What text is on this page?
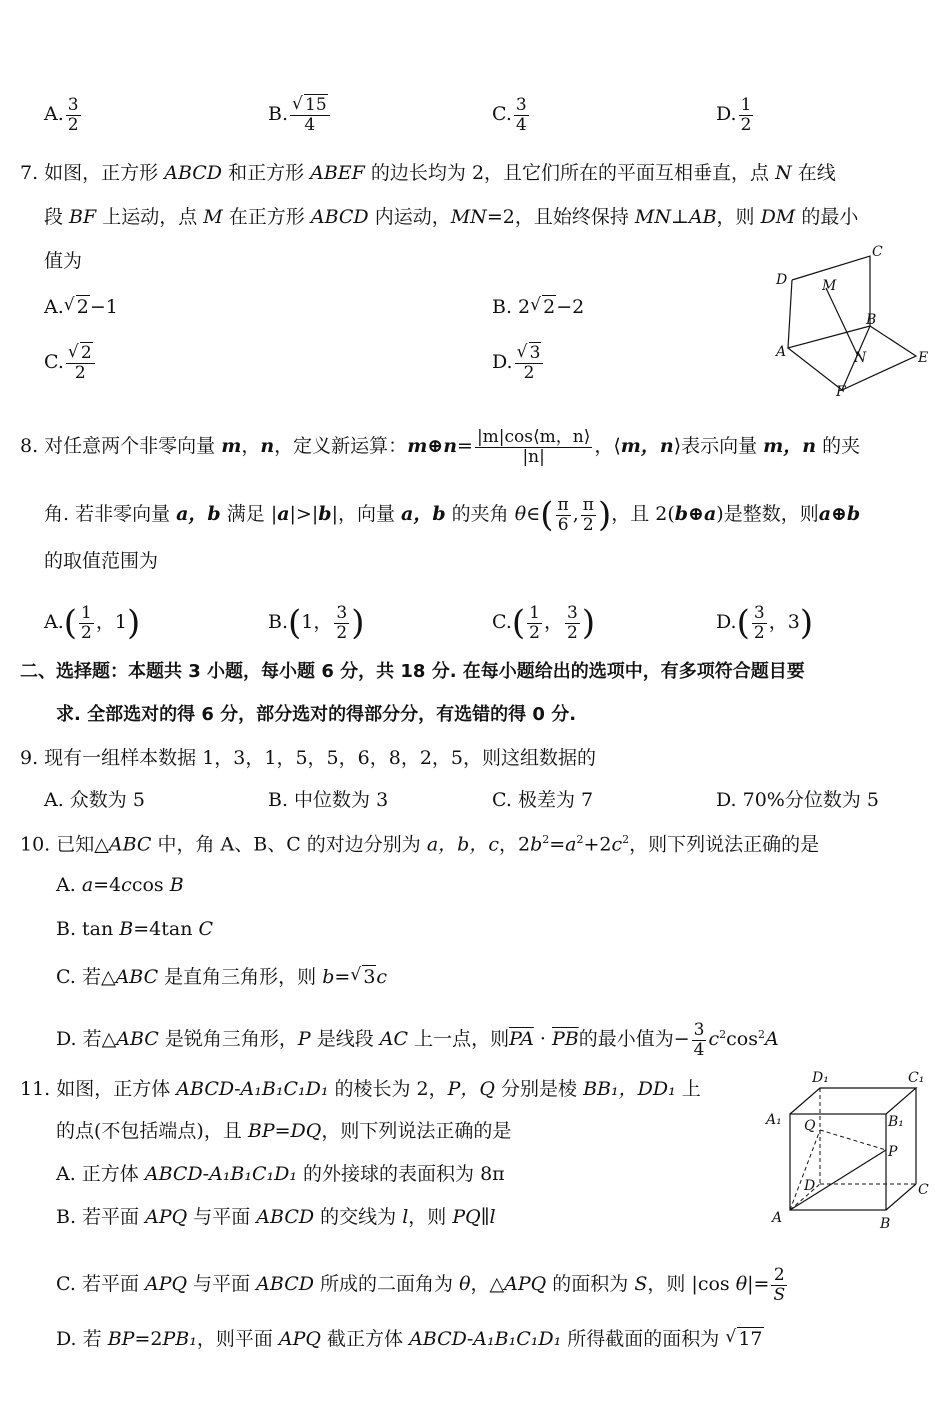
A. $\frac{3}{2}$	B. √ $\frac{15}{4}$	C. $\frac{3}{4}$	D. $\frac{1}{2}$
7. 如图，正方形 ABCD 和正方形 ABEF 的边长均为 2，且它们所在的平面互相垂直，点 N 在线
段 BF 上运动，点 M 在正方形 ABCD 内运动，MN=2，且始终保持 MN⊥AB，则 DM 的最小
值为
A. √ 2−1	B. 2 √ 2−2
C. √ $\frac{2}{2}$	D. √ $\frac{3}{2}$
D
C
M
B
A	N	E
F
8. 对任意两个非零向量 m，n，定义新运算：m⊕n= $\frac{|m|\cos⟨m,n⟩}{|n|}$ ，⟨m，n⟩表示向量 m，n 的夹
角. 若非零向量 a，b 满足 |a|>|b|，向量 a，b 的夹角 θ∈( $\frac{\pi}{6}$ , $\frac{\pi}{2}$ )，且 2(b⊕a)是整数，则a⊕b
的取值范围为
$A.( \frac{1}{2}$ ，1)	B.(1， $\frac{3}{2}$ )	$C.( \frac{1}{2}$ ， $\frac{3}{2}$ )	$D.( \frac{3}{2}$ ，3)
二、选择题：本题共 3 小题，每小题 6 分，共 18 分. 在每小题给出的选项中，有多项符合题目要
求. 全部选对的得 6 分，部分选对的得部分分，有选错的得 0 分.
9. 现有一组样本数据 1，3，1，5，5，6，8，2，5，则这组数据的
A. 众数为 5	B. 中位数为 3	C. 极差为 7	D. 70%分位数为 5
10. 已知△ABC 中，角 A、B、C 的对边分别为 a，b，c，$2b^2=a^2+2c^2$，则下列说法正确的是
A. a=4ccos B
B. tan B=4tan C
C. 若△ABC 是直角三角形，则 b= √ 3c
D. 若△ABC 是锐角三角形，P 是线段 AC 上一点，则$\overline{PA} \cdot \overline{PB}$的最小值为− $\frac{3}{4} c^2\cos^2A$
11. 如图，正方体 ABCD-A₁B₁C₁D₁ 的棱长为 2，P，Q 分别是棱 BB₁，DD₁ 上
的点(不包括端点)，且 BP=DQ，则下列说法正确的是
A. 正方体 ABCD-A₁B₁C₁D₁ 的外接球的表面积为 8π
B. 若平面 APQ 与平面 ABCD 的交线为 l，则 PQ∥l
C. 若平面 APQ 与平面 ABCD 所成的二面角为 θ，△APQ 的面积为 S，则 |cos $\theta|= \frac{2}{S}$
D. 若 BP=2PB₁，则平面 APQ 截正方体 ABCD-A₁B₁C₁D₁ 所得截面的面积为 √ 17
D₁	C₁
A₁	B₁
Q
P
D	C
A	B
